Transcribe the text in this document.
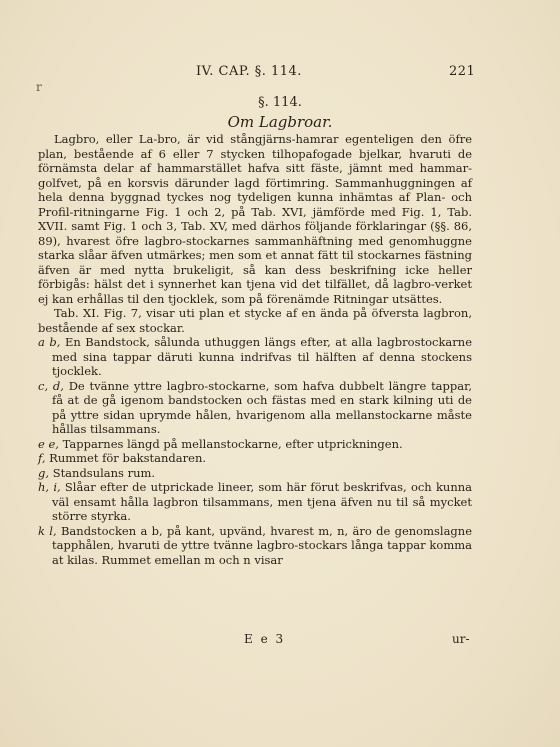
IV. CAP. §. 114.	221
r
§. 114.
Om Lagbroar.

Lagbro, eller La-bro, är vid stångjärns-hamrar egenteligen den öfre plan, bestående af 6 eller 7 stycken tilhopafogade bjelkar, hvaruti de förnämsta delar af hammarstället hafva sitt fäste, jämnt med hammar-golfvet, på en korsvis därunder lagd förtimring. Sammanhuggningen af hela denna byggnad tyckes nog tydeligen kunna inhämtas af Plan- och Profil-ritningarne Fig. 1 och 2, på Tab. XVI, jämförde med Fig. 1, Tab. XVII. samt Fig. 1 och 3, Tab. XV, med därhos följande förklaringar (§§. 86, 89), hvarest öfre lagbro-stockarnes sammanhäftning med genomhuggne starka slåar äfven utmärkes; men som et annat fätt til stockarnes fästning äfven är med nytta brukeligit, så kan dess beskrifning icke heller förbigås: hälst det i synnerhet kan tjena vid det tilfället, då lagbro-verket ej kan erhållas til den tjocklek, som på förenämde Ritningar utsättes.

Tab. XI. Fig. 7, visar uti plan et stycke af en ända på öfversta lagbron, bestående af sex stockar.

a b, En Bandstock, sålunda uthuggen längs efter, at alla lagbrostockarne med sina tappar däruti kunna indrifvas til hälften af denna stockens tjocklek.

c, d, De tvänne yttre lagbro-stockarne, som hafva dubbelt längre tappar, få at de gå igenom bandstocken och fästas med en stark kilning uti de på yttre sidan uprymde hålen, hvarigenom alla mellanstockarne måste hållas tilsammans.

e e, Tapparnes längd på mellanstockarne, efter utprickningen.

f, Rummet för bakstandaren.

g, Standsulans rum.

h, i, Slåar efter de utprickade lineer, som här förut beskrifvas, och kunna väl ensamt hålla lagbron tilsammans, men tjena äfven nu til så mycket större styrka.

k l, Bandstocken a b, på kant, upvänd, hvarest m, n, äro de genomslagne tapphålen, hvaruti de yttre tvänne lagbro-stockars långa tappar komma at kilas. Rummet emellan m och n visar

E e 3	ur-
